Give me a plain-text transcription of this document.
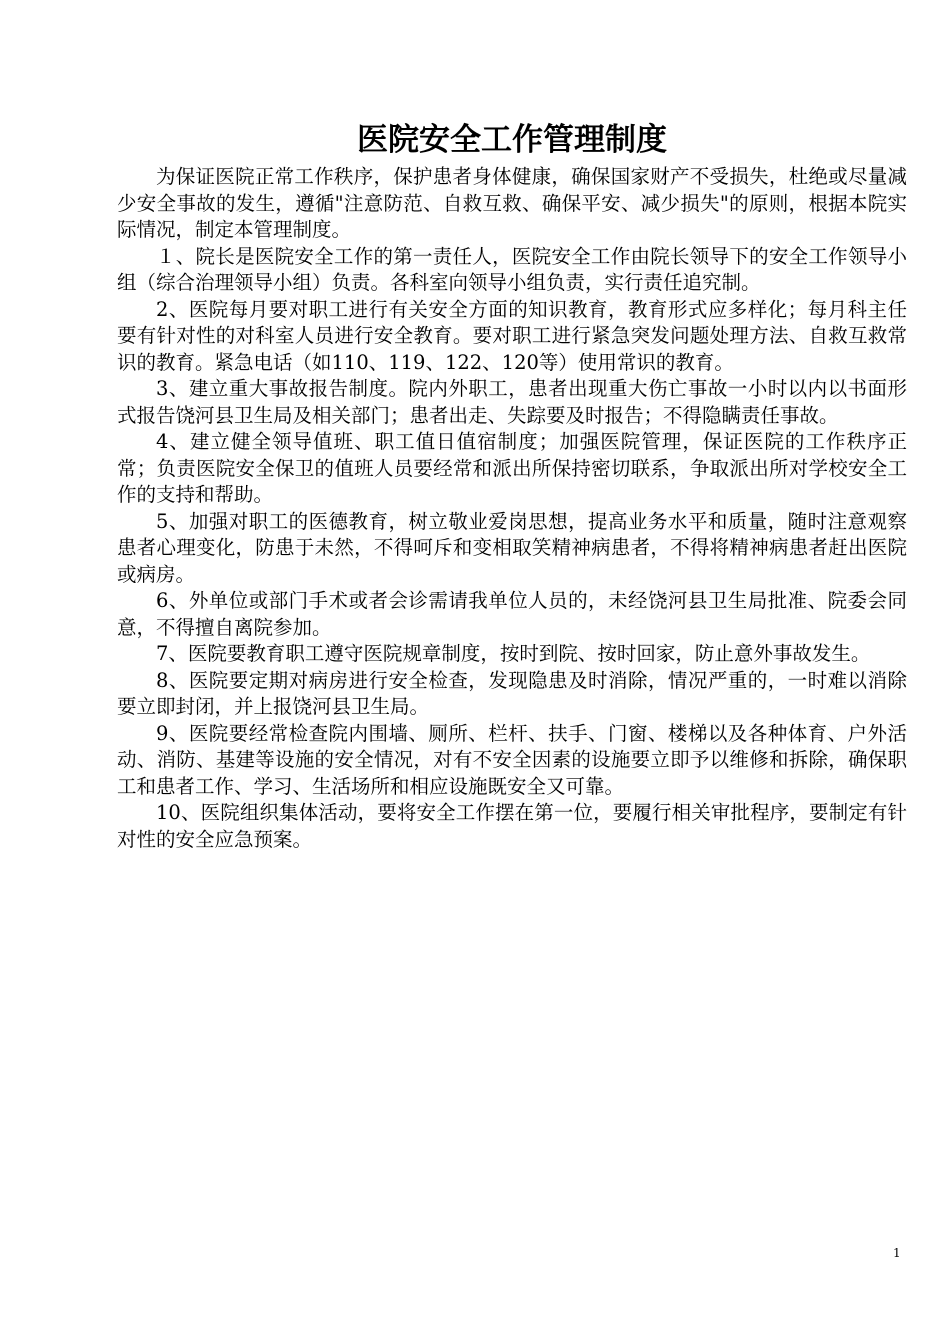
医院安全工作管理制度

为保证医院正常工作秩序，保护患者身体健康，确保国家财产不受损失，杜绝或尽量减少安全事故的发生，遵循"注意防范、自救互救、确保平安、减少损失"的原则，根据本院实际情况，制定本管理制度。

１、院长是医院安全工作的第一责任人，医院安全工作由院长领导下的安全工作领导小组（综合治理领导小组）负责。各科室向领导小组负责，实行责任追究制。

2、医院每月要对职工进行有关安全方面的知识教育，教育形式应多样化；每月科主任要有针对性的对科室人员进行安全教育。要对职工进行紧急突发问题处理方法、自救互救常识的教育。紧急电话（如110、119、122、120等）使用常识的教育。

3、建立重大事故报告制度。院内外职工，患者出现重大伤亡事故一小时以内以书面形式报告饶河县卫生局及相关部门；患者出走、失踪要及时报告；不得隐瞒责任事故。

4、建立健全领导值班、职工值日值宿制度；加强医院管理，保证医院的工作秩序正常；负责医院安全保卫的值班人员要经常和派出所保持密切联系，争取派出所对学校安全工作的支持和帮助。

5、加强对职工的医德教育，树立敬业爱岗思想，提高业务水平和质量，随时注意观察患者心理变化，防患于未然，不得呵斥和变相取笑精神病患者，不得将精神病患者赶出医院或病房。

6、外单位或部门手术或者会诊需请我单位人员的，未经饶河县卫生局批准、院委会同意，不得擅自离院参加。

7、医院要教育职工遵守医院规章制度，按时到院、按时回家，防止意外事故发生。

8、医院要定期对病房进行安全检查，发现隐患及时消除，情况严重的，一时难以消除要立即封闭，并上报饶河县卫生局。

9、医院要经常检查院内围墙、厕所、栏杆、扶手、门窗、楼梯以及各种体育、户外活动、消防、基建等设施的安全情况，对有不安全因素的设施要立即予以维修和拆除，确保职工和患者工作、学习、生活场所和相应设施既安全又可靠。

10、医院组织集体活动，要将安全工作摆在第一位，要履行相关审批程序，要制定有针对性的安全应急预案。

1
